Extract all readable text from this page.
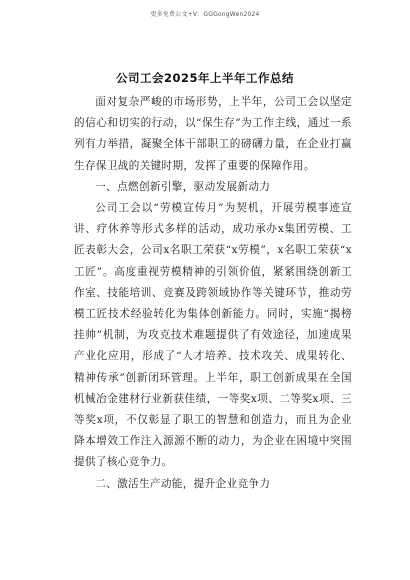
更多免费公文+V：GGGongWen2024
公司工会2025年上半年工作总结

面对复杂严峻的市场形势，上半年，公司工会以坚定的信心和切实的行动，以“保生存”为工作主线，通过一系列有力举措，凝聚全体干部职工的磅礴力量，在企业打赢生存保卫战的关键时期，发挥了重要的保障作用。

一、点燃创新引擎，驱动发展新动力

公司工会以“劳模宣传月”为契机，开展劳模事迹宣讲、疗休养等形式多样的活动，成功承办x集团劳模、工匠表彰大会，公司x名职工荣获“x劳模”，x名职工荣获“x工匠”。高度重视劳模精神的引领价值，紧紧围绕创新工作室、技能培训、竞赛及跨领域协作等关键环节，推动劳模工匠技术经验转化为集体创新能力。同时，实施“揭榜挂帅”机制，为攻克技术难题提供了有效途径，加速成果产业化应用，形成了“人才培养、技术攻关、成果转化、精神传承”创新闭环管理。上半年，职工创新成果在全国机械冶金建材行业新获佳绩，一等奖x项、二等奖x项、三等奖x项，不仅彰显了职工的智慧和创造力，而且为企业降本增效工作注入源源不断的动力，为企业在困境中突围提供了核心竞争力。

二、激活生产动能，提升企业竞争力
